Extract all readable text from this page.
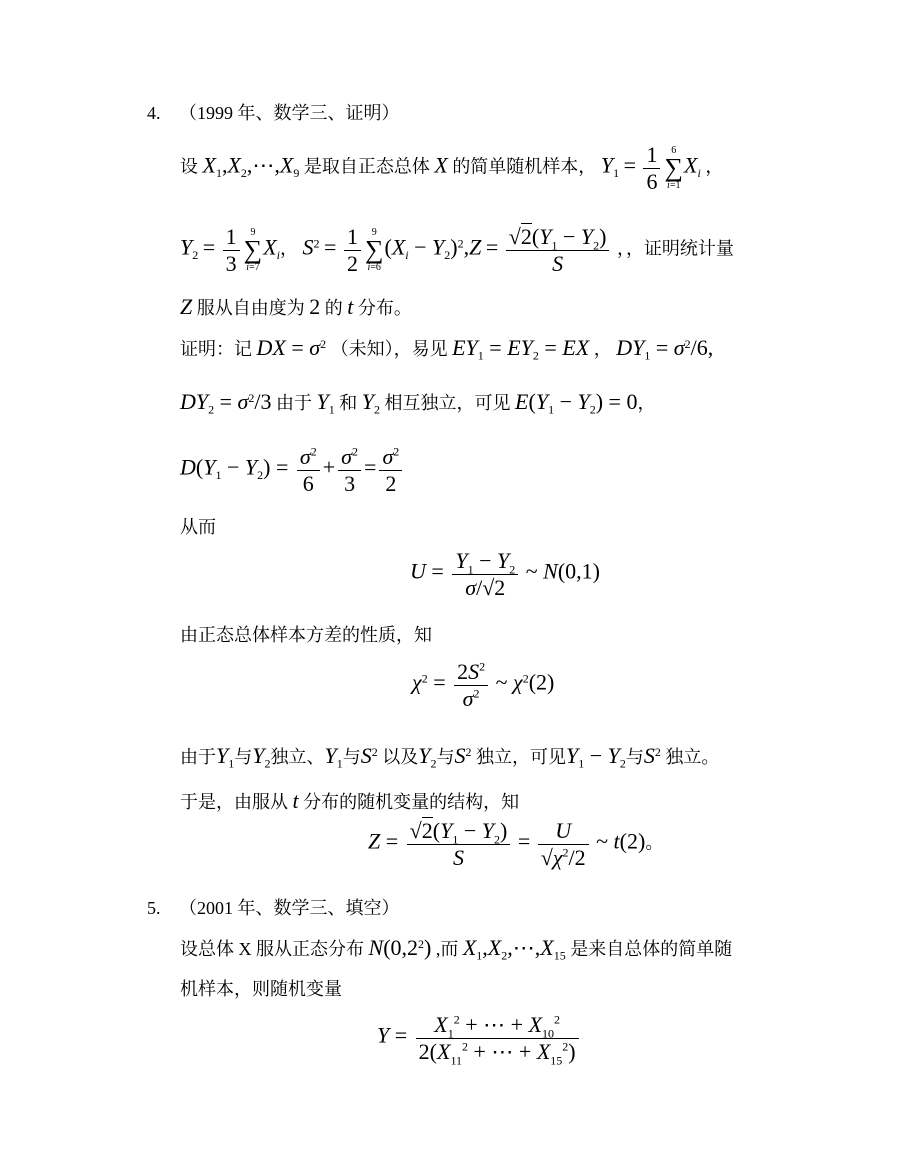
4. （1999 年、数学三、证明）
设 $X_1,X_2,\cdots,X_9$ 是取自正态总体 X 的简单随机样本， $Y_1 = \frac{1}{6}$	6
∑
i=1
$X_i$ ，
$Y_2 = \frac{1}{3}$	9
∑
i=7
$X_i$， $S^2 = \frac{1}{2}$	9
∑
i=6
$(X_i - Y_2)^2,Z = \frac{√2(Y_1 - Y_2)}{S}$ ，，证明统计量
Z 服从自由度为 2 的 t 分布。
证明：记 DX = $\sigma^2$ （未知），易见 $EY_1 = EY_2$ = EX ， $DY_1 = \sigma^2/6$,
$DY_2 = \sigma^2/3$ 由于 $Y_1$ 和 $Y_2$ 相互独立，可见 $E(Y_1 - Y_2) = 0$，
$D(Y_1 - Y_2) = \frac{\sigma^2}{6} + \frac{\sigma^2}{3} = \frac{\sigma^2}{2}$
从而
$U = \frac{Y_1 - Y_2}{\sigma/√2}$ ~ N(0,1)
由正态总体样本方差的性质，知
$\chi^2 = \frac{2S^2}{\sigma^2}$ ~ $\chi^2(2)$
由于$Y_1$与$Y_2$独立、$Y_1$与$S^2$ 以及$Y_2$与$S^2$ 独立，可见$Y_1 - Y_2$与$S^2$ 独立。
于是，由服从 t 分布的随机变量的结构，知
$Z = \frac{√2(Y_1 - Y_2)}{S} = \frac{U}{√\chi^2/2}$ ~ t(2)。
5. （2001 年、数学三、填空）
设总体 X 服从正态分布 $N(0,2^2)$ ,而 $X_1,X_2,\cdots,X_{15}$ 是来自总体的简单随
机样本，则随机变量
$Y = \frac{X_1^2 + \cdots + X_{10}^2}{2(X_{11}^2 + \cdots + X_{15}^2)}$
